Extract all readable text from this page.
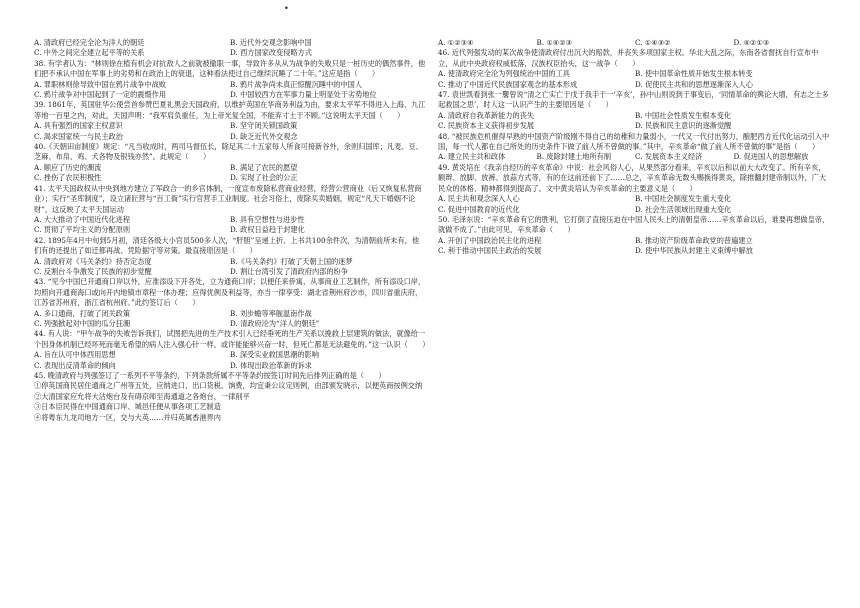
•
A. 清政府已经完全沦为洋人的朝廷	B. 近代外交观念影响中国
C. 中外之间完全建立起平等的关系	D. 西方国家改变侵略方式

38. 有学者认为：“林则徐在植有机会对抗敌人之前就被撤职一事，导致许多从从为战争的失败只是一桩历史的偶然事件，他们把不承认中国在军事上的劣势和在政治上的衰退，这种看法使过自己继续沉睡了二十年。”这应是指（　　）

A. 罪职林则徐导致中国在鸦片战争中战败	B. 鸦片战争尚未真正惊醒沉睡中的中国人
C. 鸦片战争对中国起到了一定的震慑作用	D. 中国较西方在军事力量上明显处于劣势地位

39. 1861年，英国驻华公使尝首参赞巴夏礼黑会天国政府，以维护英国在华商务利益为由，要求太平军不得进入上海、九江等地一百里之内，对此，天国声明：“我军肩负重任，为上帝光复全国，不能弃寸土于不顾。”这说明太平天国（　　）

A. 具有强烈的国家主权意识	B. 坚守闭关锁国政策
C. 渴求国家统一与民主政治	D. 缺乏近代外交观念

40.《天朝田亩制度》规定：“凡当收成时，两司马督伍长，除足其二十五家每人所食可接新谷外，余则归国库；凡麦、豆、芝麻、布帛、鸡、犬各物及银钱亦然”。此规定（　　）

A. 顺应了历史的潮流	B. 满足了农民的愿望
C. 挫伤了农民积极性	D. 实现了社会的公正

41. 太平天国政权从中央到地方建立了军政合一的乡官体制，一度宣布废除私营商业经营，经营公营商业（后又恢复私营商业）；实行“圣库制度”，设立诸匠营与“百工衙”实行官营手工业制度。社会习俗上，废除买卖婚姻，规定“凡天下婚姻不论财”，这反映了太平天国运动

A. 大大推动了中国近代化进程	B. 具有空想性与进步性
C. 贯彻了平均主义的分配原则	D. 政权日益趋于封建化

42. 1895年4月中旬到5月初，清廷各级大小官员500多人次，“肝胆”呈递上折、上书共100余件次，为清朝前所未有，他们有的还提出了如迁都再战、凭险据守等对策。最直接原因是（　　）

A. 清政府对《马关条约》持否定态度	B.《马关条约》打破了天朝上国的迷梦
C. 反割台斗争激发了民族的初步觉醒	D. 割让台湾引发了清政府内部的纷争

43. “见今中国已开通商口岸以外，应准添设下开各处，立为通商口岸；以便任来侨寓、从事商业工艺制作，所有添设口岸，均照向开通商海口或向开内地镇市章程一体办理；应得优例及利益等，亦当一律享受：湖北省荆州府沙市，四川省重庆府，江苏省苏州府，浙江省杭州府。”此约签订后（　　）

A. 多口通商，打破了闭关政策	B. 刘步蟾等率舰温南作战
C. 列强掀起对中国的瓜分狂潮	D. 清政府沦为“洋人的朝廷”

44. 有人说：“甲午战争的失败告诉我们，试图把先进的生产技术引入已经垂死的生产关系以挽救上层建筑的做法，就像给一个因身体机制已经坏死而毫无希望的病人注入强心针一样，或许能能够兴奋一时，但死亡都是无法避免的。”这一认识（　　）

A. 旨在认可中体西用思想	B. 深受实业救国思潮的影响
C. 表现出反清革命的倾向	D. 体现出政治革新的诉求

45. 晚清政府与列强签订了一系列不平等条约，下列条款所属不平等条约按签订时间先后排列正确的是（　　）

①停英国商民居住通商之广州等五处，应纳进口、出口货税、饷费，均宜秉公议定则例，由部颁发晓示，以便英商按例交纳

②大清国家应允将大沽炮台及有碍京师至海通道之各炮台，一律削平

③日本臣民得在中国通商口岸、城邑任便从事各项工艺制造

④将粤东九龙司地方一区，交与大英……并归英属香港界内

A. ①②③④	B. ①④②③	C. ①④③②	D. ④②①③

46. 近代列强发动的某次战争使清政府付出沉大的赔款，并丧失多项国家主权。华北大乱之际，东南各省督抚自行宣布中立，从此中央政府权威低落，汉族权臣抬头，这一战争（　　）

A. 使清政府完全沦为列强统治中国的工具	B. 使中国革命性质开始发生根本转变
C. 推动了中国近代民族国家观念的基本形成	D. 促使民主共和的思想逐渐深入人心

47. 袁世凯看到张一麐曾说“清之亡实亡于戊于我手于一‘辛亥’，孙中山则说到于事变后，‘同情革命的舆论大增，有志之士多起救国之思’，时人这一认识产生的主要原因是（　　）

A. 清政府自我革新能力的丧失	B. 中国社会性质发生根本变化
C. 民族资本主义获得初步发展	D. 民族和民主意识的逐渐觉醒

48. “被民族危机催得早熟的中国资产阶级刚不得自己的幼稚和力量弱小，一代又一代付出努力，酿肥西方近代化运动引入中国，每一代人都在自己所处的历史条件下做了前人所不曾做的事。”其中，辛亥革命“做了前人所不曾做的事”是指（　　）

A. 建立民主共和政体	B. 废除封建土地所有制	C. 发展资本主义经济	D. 促进国人的思想解放

49. 黄炎培在《我亲自经历的辛亥革命》中说：社会风俗人心，从果然部分看来，辛亥以后和以前大大改变了。所有辛亥，额辫、放脚、放裤、放蒜方式等，有的在这前还前下了……总之，辛亥革命无数头赐换得黄炎，除推翻封建帝制以外，广大民众的体格、精神都得到提高了。文中黄炎培认为辛亥革命的主要意义是（　　）

A. 民主共和观念深入人心	B. 中国社会制度发生重大变化
C. 促进中国教育的近代化	D. 社会生活领域出现重大变化

50. 毛泽东说：“辛亥革命有它的胜利，它打倒了直接压迫在中国人民头上的清朝皇帝……辛亥革命以后，谁要再想做皇帝，就做不成了。”由此可见，辛亥革命（　　）

A. 开创了中国政治民主化的进程	B. 推动资产阶级革命政党的普遍建立
C. 利于推动中国民主政治的发展	D. 使中华民族从封建主义束缚中解放
